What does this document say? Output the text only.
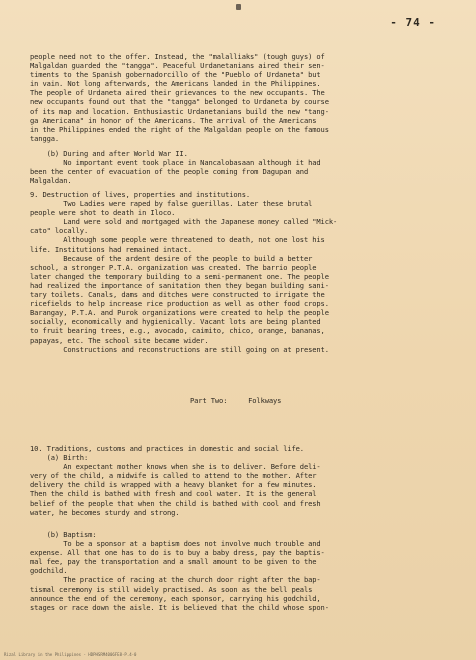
- 74 -
people need not to the offer. Instead, the "malalliaks" (tough guys) of
Malgaldan guarded the "tangga". Peaceful Urdanetanians aired their sen-
timents to the Spanish gobernadorcillo of the "Pueblo of Urdaneta" but
in vain. Not long afterwards, the Americans landed in the Philippines.
The people of Urdaneta aired their grievances to the new occupants. The
new occupants found out that the "tangga" belonged to Urdaneta by course
of its map and location. Enthusiastic Urdanetanians build the new "tang-
ga Americana" in honor of the Americans. The arrival of the Americans
in the Philippines ended the right of the Malgaldan people on the famous
tangga.
(b) During and after World War II.
No important event took place in Nancalobasaan although it had
been the center of evacuation of the people coming from Dagupan and
Malgaldan.
9. Destruction of lives, properties and institutions.
Two Ladies were raped by false guerillas. Later these brutal
people were shot to death in Iloco.
Land were sold and mortgaged with the Japanese money called "Mick-
cato" locally.
Although some people were threatened to death, not one lost his
life. Institutions had remained intact.
Because of the ardent desire of the people to build a better
school, a stronger P.T.A. organization was created. The barrio people
later changed the temporary building to a semi-permanent one. The people
had realized the importance of sanitation then they began building sani-
tary toilets. Canals, dams and ditches were constructed to irrigate the
ricefields to help increase rice production as well as other food crops.
Barangay, P.T.A. and Purok organizations were created to help the people
socially, economically and hygienically. Vacant lots are being planted
to fruit bearing trees, e.g., avocado, caimito, chico, orange, bananas,
papayas, etc. The school site became wider.
Constructions and reconstructions are still going on at present.
Part Two:     Folkways
10. Traditions, customs and practices in domestic and social life.
(a) Birth:
An expectant mother knows when she is to deliver. Before deli-
very of the child, a midwife is called to attend to the mother. After
delivery the child is wrapped with a heavy blanket for a few minutes.
Then the child is bathed with fresh and cool water. It is the general
belief of the people that when the child is bathed with cool and fresh
water, he becomes sturdy and strong.
(b) Baptism:
To be a sponsor at a baptism does not involve much trouble and
expense. All that one has to do is to buy a baby dress, pay the baptis-
mal fee, pay the transportation and a small amount to be given to the
godchild.
The practice of racing at the church door right after the bap-
tismal ceremony is still widely practised. As soon as the bell peals
announce the end of the ceremony, each sponsor, carrying his godchild,
stages or race down the aisle. It is believed that the child whose spon-
Rizal Library in the Philippines - HDPHSRM4006FE8-P.4-0
